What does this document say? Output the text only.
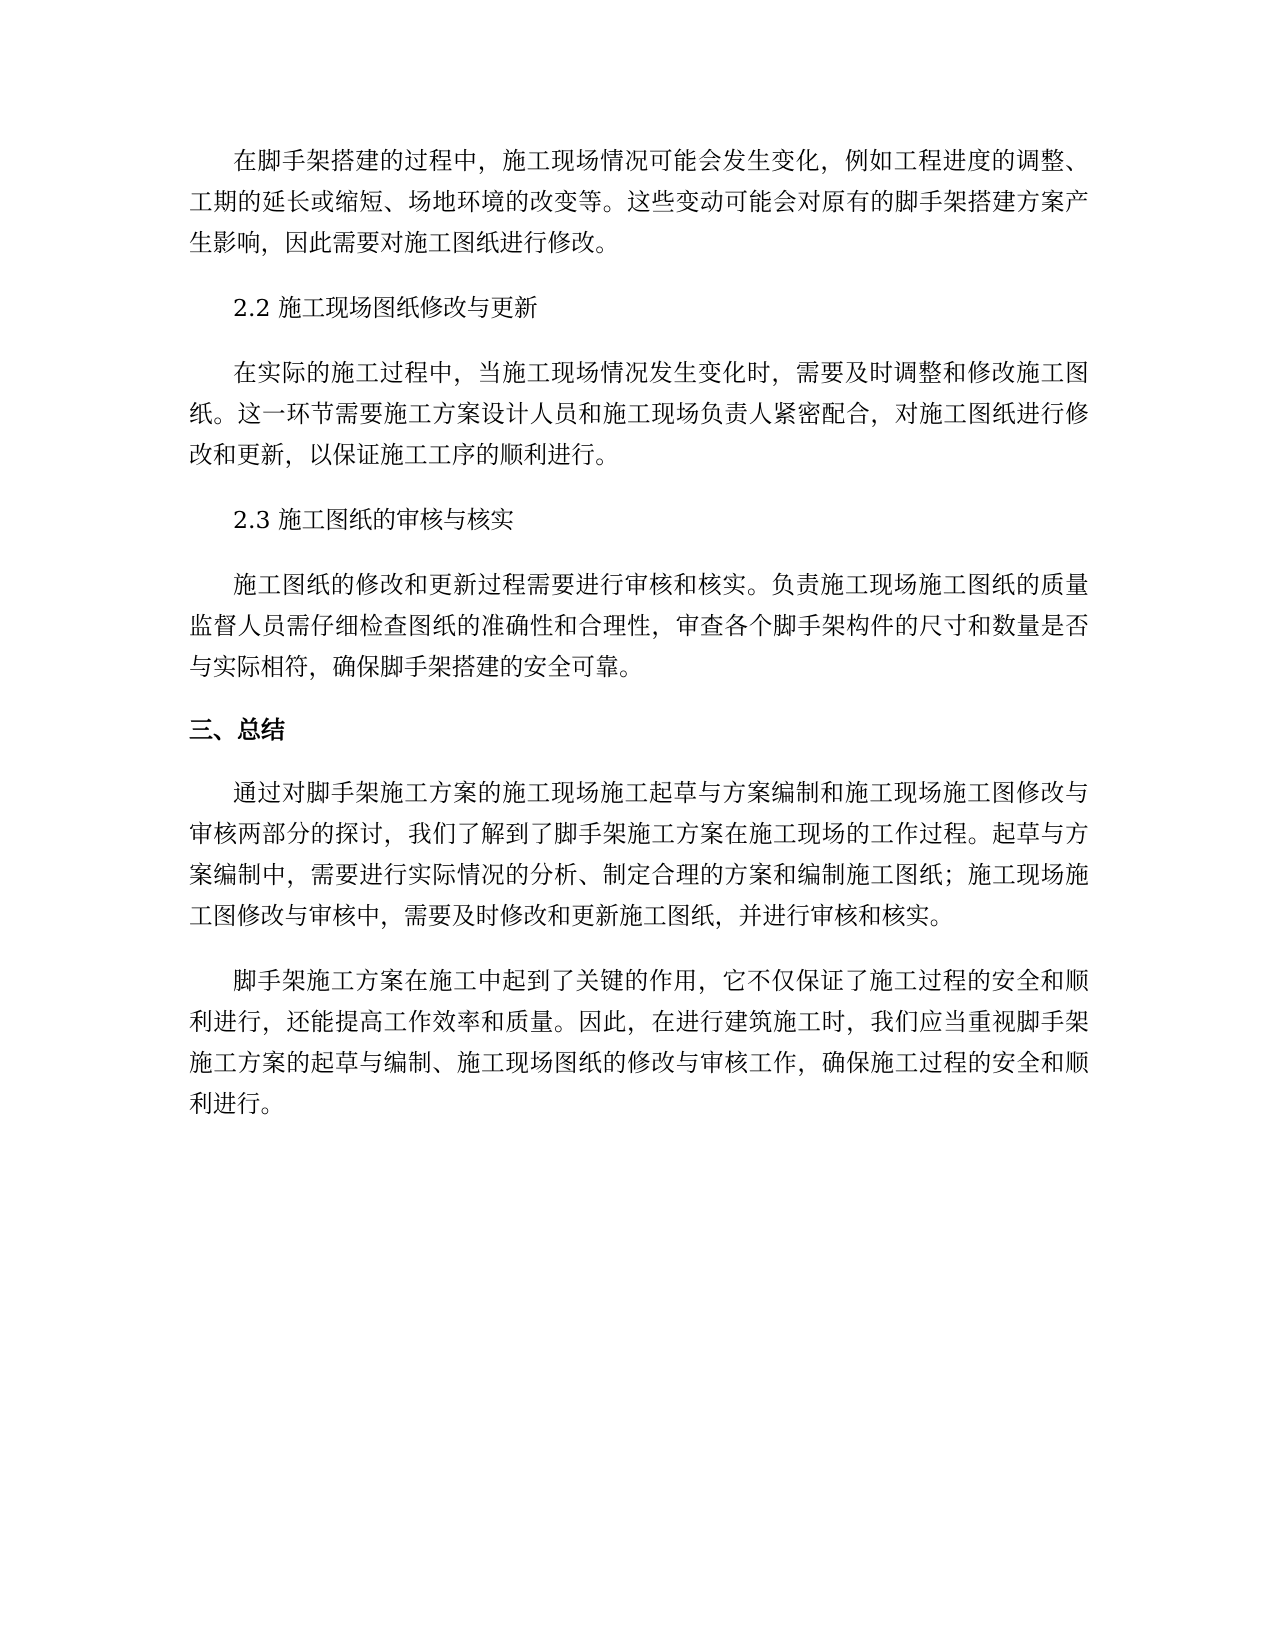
在脚手架搭建的过程中，施工现场情况可能会发生变化，例如工程进度的调整、工期的延长或缩短、场地环境的改变等。这些变动可能会对原有的脚手架搭建方案产生影响，因此需要对施工图纸进行修改。

2.2 施工现场图纸修改与更新

在实际的施工过程中，当施工现场情况发生变化时，需要及时调整和修改施工图纸。这一环节需要施工方案设计人员和施工现场负责人紧密配合，对施工图纸进行修改和更新，以保证施工工序的顺利进行。

2.3 施工图纸的审核与核实

施工图纸的修改和更新过程需要进行审核和核实。负责施工现场施工图纸的质量监督人员需仔细检查图纸的准确性和合理性，审查各个脚手架构件的尺寸和数量是否与实际相符，确保脚手架搭建的安全可靠。

三、总结

通过对脚手架施工方案的施工现场施工起草与方案编制和施工现场施工图修改与审核两部分的探讨，我们了解到了脚手架施工方案在施工现场的工作过程。起草与方案编制中，需要进行实际情况的分析、制定合理的方案和编制施工图纸；施工现场施工图修改与审核中，需要及时修改和更新施工图纸，并进行审核和核实。

脚手架施工方案在施工中起到了关键的作用，它不仅保证了施工过程的安全和顺利进行，还能提高工作效率和质量。因此，在进行建筑施工时，我们应当重视脚手架施工方案的起草与编制、施工现场图纸的修改与审核工作，确保施工过程的安全和顺利进行。
